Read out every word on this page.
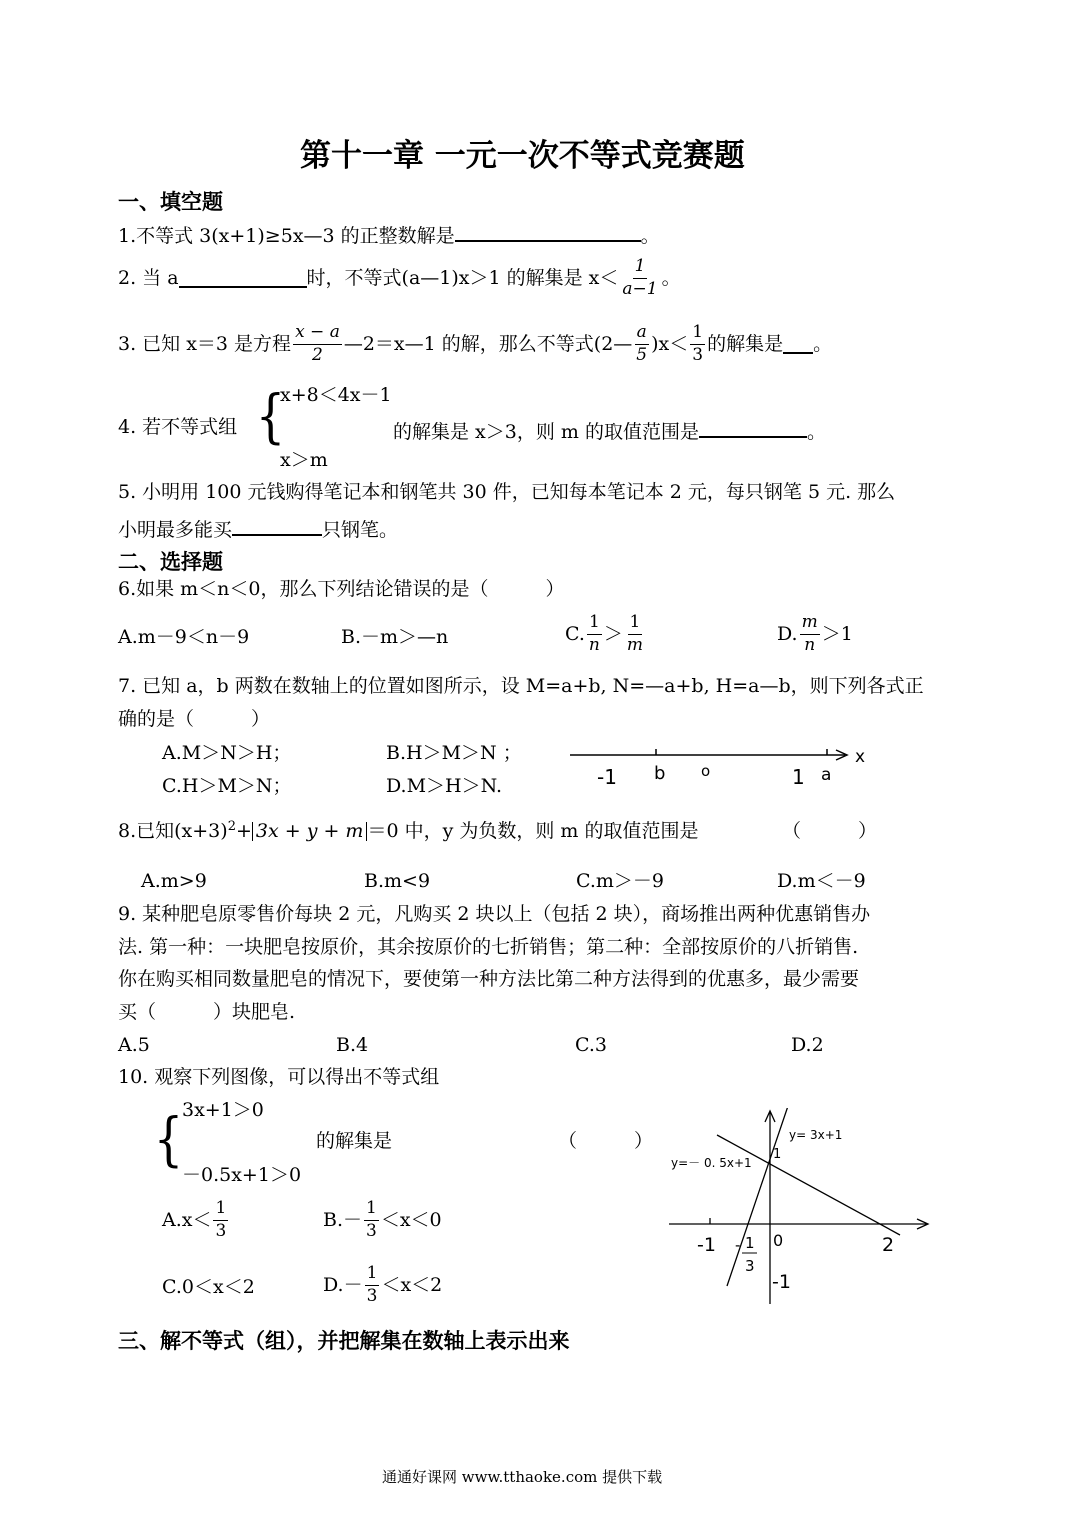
第十一章 一元一次不等式竞赛题
一、填空题
1.不等式 3(x+1)≥5x—3 的正整数解是	。
2. 当 a	时，不等式(a—1)x＞1 的解集是 $x< \frac{1}{a-1}$ 。
3. 已知 x＝3 是方程 $\frac{x - a}{2}$ —2＝x—1 的解，那么不等式(2— $\frac{a}{5} )x< \frac{1}{3}$ 的解集是 。
4. 若不等式组 {
x+8＜4x－1
x＞m
的解集是 x＞3，则 m 的取值范围是	。
5. 小明用 100 元钱购得笔记本和钢笔共 30 件，已知每本笔记本 2 元，每只钢笔 5 元. 那么
小明最多能买	只钢笔。
二、选择题
6.如果 m＜n＜0，那么下列结论错误的是（　　　）
A.m－9＜n－9	B.－m＞—n	C. $\frac{1}{n} > \frac{1}{m}$	D. $\frac{m}{n} >1$
7. 已知 a，b 两数在数轴上的位置如图所示，设 M=a+b, N=—a+b, H=a—b，则下列各式正
确的是（　　　）
A.M＞N＞H；	B.H＞M＞N ；
C.H＞M＞N；	D.M＞H＞N.
x
-1 b o	1 a
8.已知$(x+3)^2 + 3x + y + m =0$ 中，y 为负数，则 m 的取值范围是	（　　　）
A.m>9	B.m<9	C.m＞－9	D.m＜－9
9. 某种肥皂原零售价每块 2 元，凡购买 2 块以上（包括 2 块），商场推出两种优惠销售办
法. 第一种：一块肥皂按原价，其余按原价的七折销售；第二种：全部按原价的八折销售.
你在购买相同数量肥皂的情况下，要使第一种方法比第二种方法得到的优惠多，最少需要
买（　　　）块肥皂.
A.5	B.4	C.3	D.2
10. 观察下列图像，可以得出不等式组
{
3x+1＞0
－0.5x+1＞0
的解集是	（　　　）
$A.x< \frac{1}{3}$	$B.- \frac{1}{3} <x<0$
C.0＜x＜2	$D.- \frac{1}{3} <x<2$
y= 3x+1
y=－ 0. 5x+1
1
-1 - 1
3
0	2
-1
三、解不等式（组），并把解集在数轴上表示出来
通通好课网 www.tthaoke.com 提供下载
